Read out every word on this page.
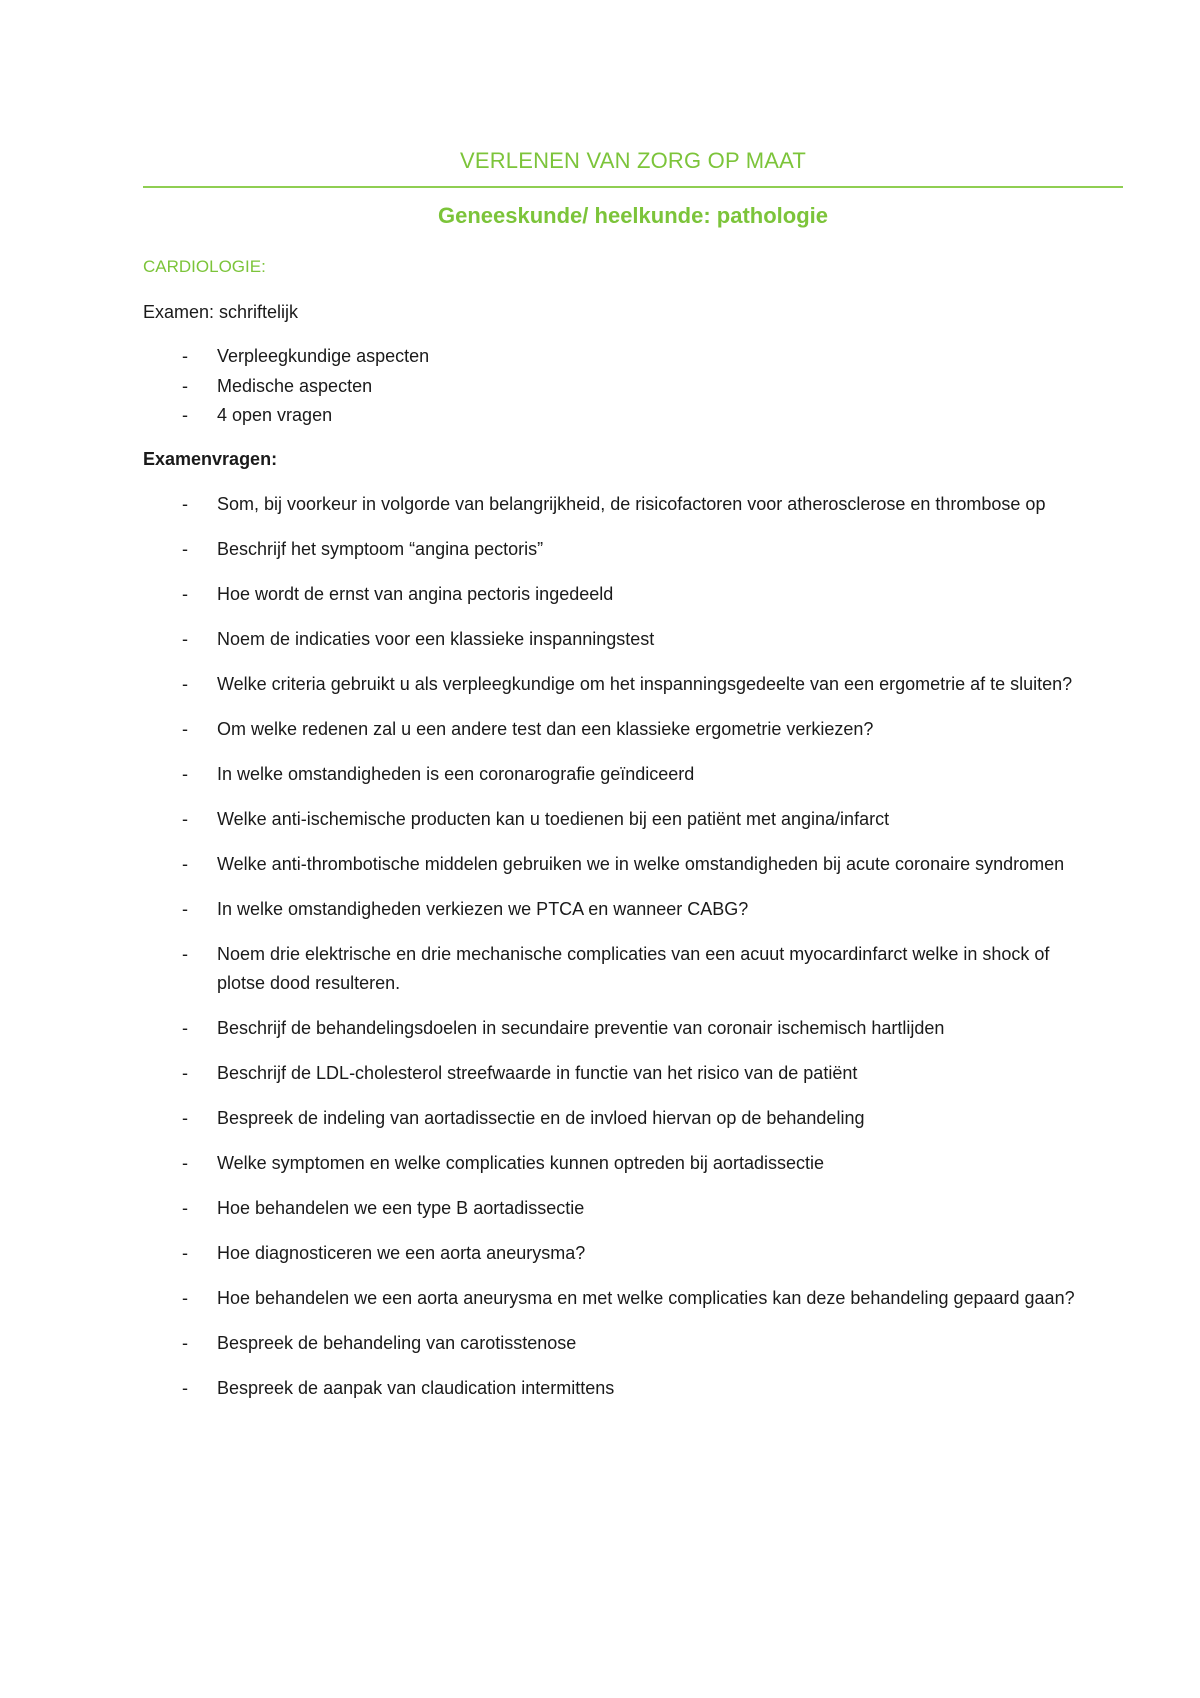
VERLENEN VAN ZORG OP MAAT
Geneeskunde/ heelkunde: pathologie
CARDIOLOGIE:
Examen: schriftelijk
- Verpleegkundige aspecten
- Medische aspecten
- 4 open vragen
Examenvragen:
- Som, bij voorkeur in volgorde van belangrijkheid, de risicofactoren voor atherosclerose en thrombose op
- Beschrijf het symptoom “angina pectoris”
- Hoe wordt de ernst van angina pectoris ingedeeld
- Noem de indicaties voor een klassieke inspanningstest
- Welke criteria gebruikt u als verpleegkundige om het inspanningsgedeelte van een ergometrie af te sluiten?
- Om welke redenen zal u een andere test dan een klassieke ergometrie verkiezen?
- In welke omstandigheden is een coronarografie geïndiceerd
- Welke anti-ischemische producten kan u toedienen bij een patiënt met angina/infarct
- Welke anti-thrombotische middelen gebruiken we in welke omstandigheden bij acute coronaire syndromen
- In welke omstandigheden verkiezen we PTCA en wanneer CABG?
- Noem drie elektrische en drie mechanische complicaties van een acuut myocardinfarct welke in shock of plotse dood resulteren.
- Beschrijf de behandelingsdoelen in secundaire preventie van coronair ischemisch hartlijden
- Beschrijf de LDL-cholesterol streefwaarde in functie van het risico van de patiënt
- Bespreek de indeling van aortadissectie en de invloed hiervan op de behandeling
- Welke symptomen en welke complicaties kunnen optreden bij aortadissectie
- Hoe behandelen we een type B aortadissectie
- Hoe diagnosticeren we een aorta aneurysma?
- Hoe behandelen we een aorta aneurysma en met welke complicaties kan deze behandeling gepaard gaan?
- Bespreek de behandeling van carotisstenose
- Bespreek de aanpak van claudication intermittens
